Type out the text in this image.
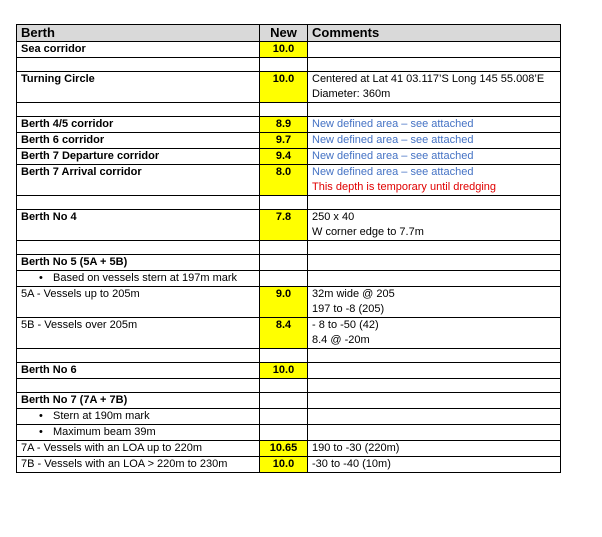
Berth	New	Comments
Sea corridor	10.0	

Turning Circle	10.0	Centered at Lat 41 03.117’S Long 145 55.008’E
Diameter: 360m

Berth 4/5 corridor	8.9	New defined area – see attached

Berth 6 corridor	9.7	New defined area – see attached

Berth 7 Departure corridor	9.4	New defined area – see attached

Berth 7 Arrival corridor	8.0	New defined area – see attached
This depth is temporary until dredging

Berth No 4	7.8	250 x 40
W corner edge to 7.7m

Berth No 5 (5A + 5B)		
• Based on vessels stern at 197m mark		
5A - Vessels up to 205m	9.0	32m wide @ 205
197 to -8 (205)

5B - Vessels over 205m	8.4	- 8 to -50 (42)
8.4 @ -20m

Berth No 6	10.0	

Berth No 7 (7A + 7B)		
• Stern at 190m mark		
• Maximum beam 39m		
7A - Vessels with an LOA up to 220m	10.65	190 to -30 (220m)

7B - Vessels with an LOA > 220m to 230m	10.0	-30 to -40 (10m)
